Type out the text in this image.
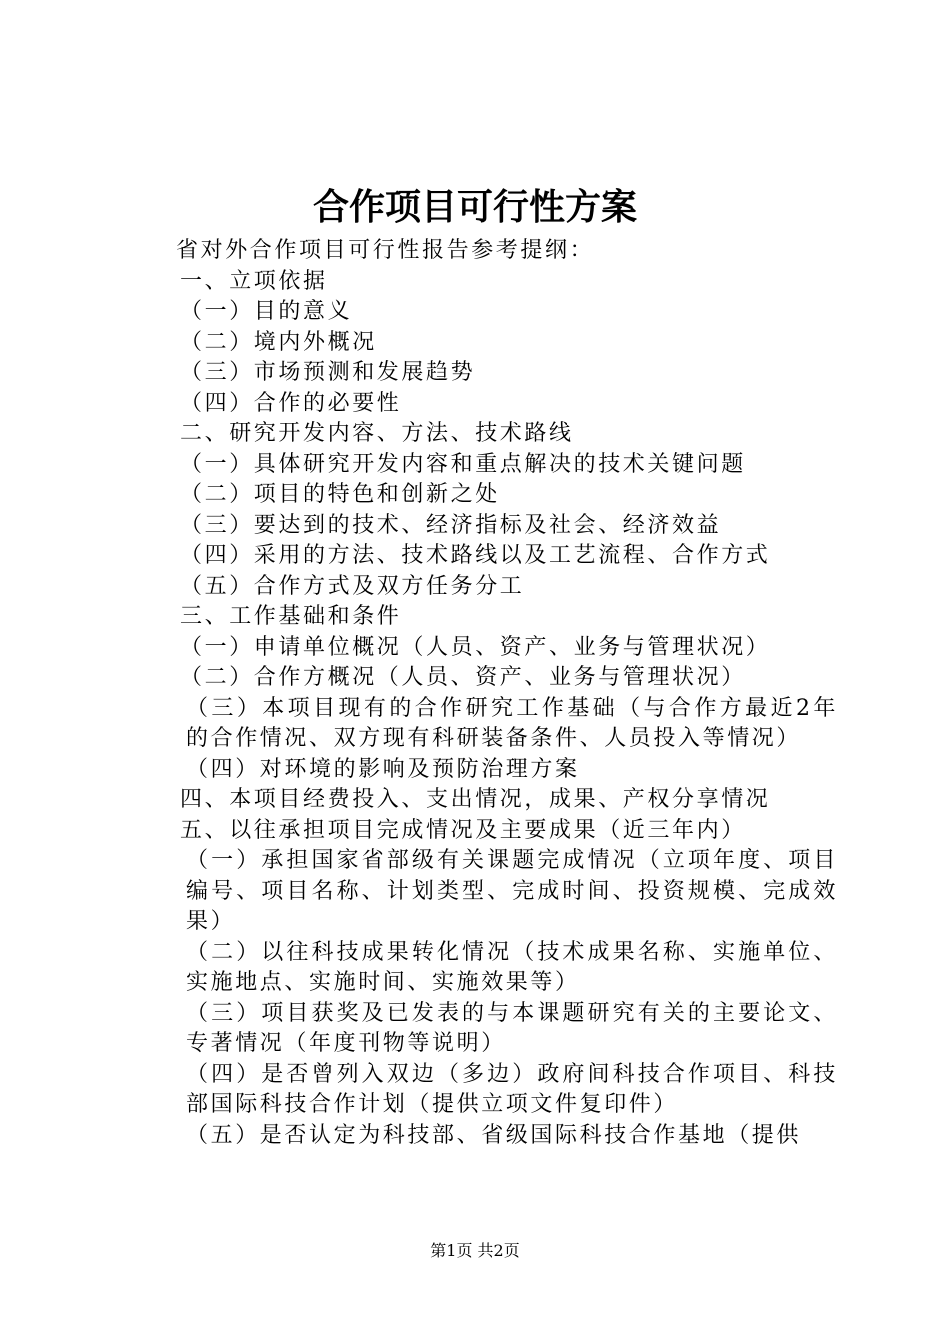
合作项目可行性方案

省对外合作项目可行性报告参考提纲：

一、立项依据

（一）目的意义

（二）境内外概况

（三）市场预测和发展趋势

（四）合作的必要性

二、研究开发内容、方法、技术路线

（一）具体研究开发内容和重点解决的技术关键问题

（二）项目的特色和创新之处

（三）要达到的技术、经济指标及社会、经济效益

（四）采用的方法、技术路线以及工艺流程、合作方式

（五）合作方式及双方任务分工

三、工作基础和条件

（一）申请单位概况（人员、资产、业务与管理状况）

（二）合作方概况（人员、资产、业务与管理状况）

（三）本项目现有的合作研究工作基础（与合作方最近2年的合作情况、双方现有科研装备条件、人员投入等情况）

（四）对环境的影响及预防治理方案

四、本项目经费投入、支出情况，成果、产权分享情况

五、以往承担项目完成情况及主要成果（近三年内）

（一）承担国家省部级有关课题完成情况（立项年度、项目编号、项目名称、计划类型、完成时间、投资规模、完成效果）

（二）以往科技成果转化情况（技术成果名称、实施单位、实施地点、实施时间、实施效果等）

（三）项目获奖及已发表的与本课题研究有关的主要论文、专著情况（年度刊物等说明）

（四）是否曾列入双边（多边）政府间科技合作项目、科技部国际科技合作计划（提供立项文件复印件）

（五）是否认定为科技部、省级国际科技合作基地（提供

第1页 共2页
